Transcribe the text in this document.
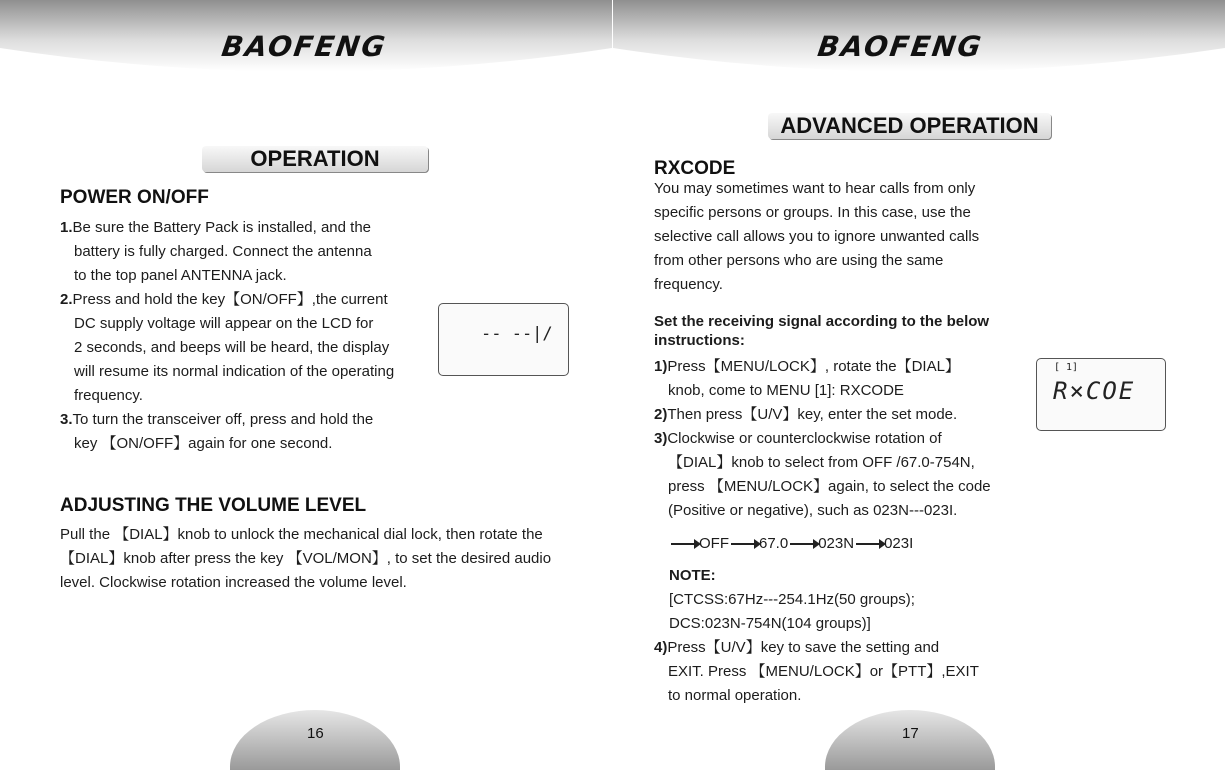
BAOFENG
OPERATION
POWER ON/OFF
1.Be sure the Battery Pack is installed, and the
battery is fully charged. Connect the antenna
to the top panel ANTENNA jack.
2.Press and hold the key【ON/OFF】,the current
DC supply voltage will appear on the LCD for
2 seconds, and beeps will be heard, the display
will resume its normal indication of the operating
frequency.
3.To turn the transceiver off, press and hold the
key 【ON/OFF】again for one second.
-- --|/
ADJUSTING THE VOLUME LEVEL
Pull the 【DIAL】knob to unlock the mechanical dial lock, then rotate the
【DIAL】knob after press the key 【VOL/MON】, to set the desired audio
level. Clockwise rotation increased the volume level.
16
BAOFENG
ADVANCED OPERATION
RXCODE
You may sometimes want to hear calls from only
specific persons or groups. In this case, use the
selective call allows you to ignore unwanted calls
from other persons who are using the same
frequency.
Set the receiving signal according to the below
instructions:
1)Press【MENU/LOCK】, rotate the【DIAL】
knob, come to MENU [1]: RXCODE
2)Then press【U/V】key, enter the set mode.
3)Clockwise or counterclockwise rotation of
【DIAL】knob to select from OFF /67.0-754N,
press 【MENU/LOCK】again, to select the code
(Positive or negative), such as 023N---023I.
OFF 67.0 023N 023I
NOTE:
[CTCSS:67Hz---254.1Hz(50 groups);
DCS:023N-754N(104 groups)]
4)Press【U/V】key to save the setting and
EXIT. Press 【MENU/LOCK】or【PTT】,EXIT
to normal operation.
[ 1]
R×COE
17
